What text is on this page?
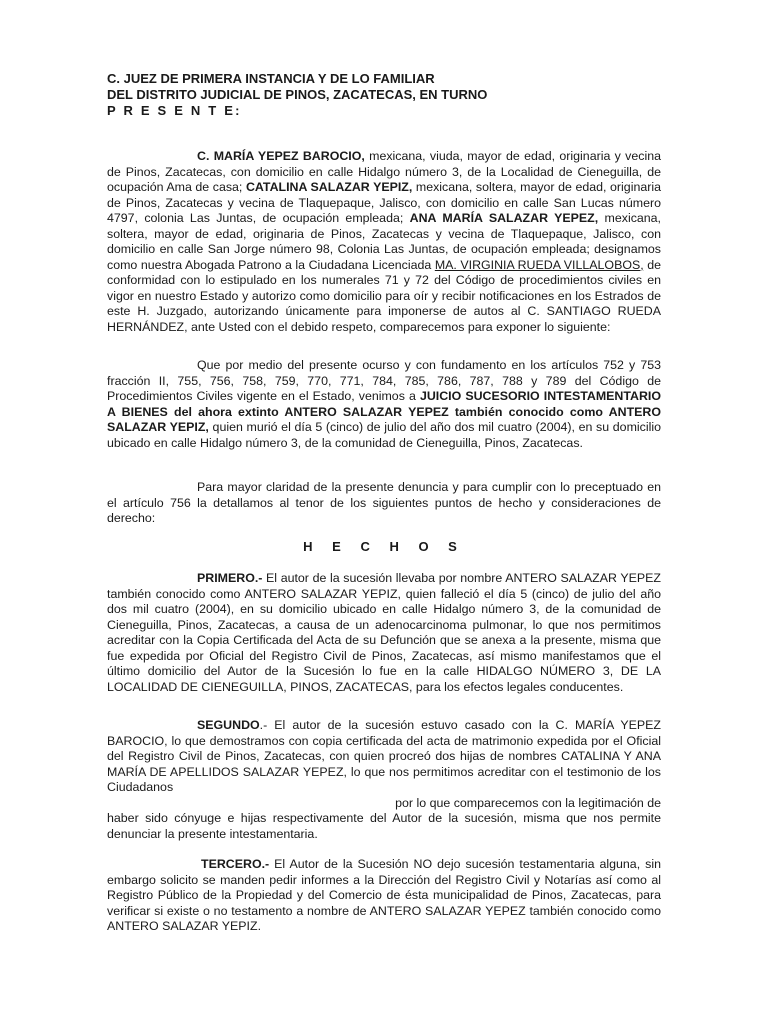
C. JUEZ DE PRIMERA INSTANCIA Y DE LO FAMILIAR
DEL DISTRITO JUDICIAL DE PINOS, ZACATECAS, EN TURNO
P R E S E N T E:
C. MARÍA YEPEZ BAROCIO, mexicana, viuda, mayor de edad, originaria y vecina de Pinos, Zacatecas, con domicilio en calle Hidalgo número 3, de la Localidad de Cieneguilla, de ocupación Ama de casa; CATALINA SALAZAR YEPIZ, mexicana, soltera, mayor de edad, originaria de Pinos, Zacatecas y vecina de Tlaquepaque, Jalisco, con domicilio en calle San Lucas número 4797, colonia Las Juntas, de ocupación empleada; ANA MARÍA SALAZAR YEPEZ, mexicana, soltera, mayor de edad, originaria de Pinos, Zacatecas y vecina de Tlaquepaque, Jalisco, con domicilio en calle San Jorge número 98, Colonia Las Juntas, de ocupación empleada; designamos como nuestra Abogada Patrono a la Ciudadana Licenciada MA. VIRGINIA RUEDA VILLALOBOS, de conformidad con lo estipulado en los numerales 71 y 72 del Código de procedimientos civiles en vigor en nuestro Estado y autorizo como domicilio para oír y recibir notificaciones en los Estrados de este H. Juzgado, autorizando únicamente para imponerse de autos al C. SANTIAGO RUEDA HERNÁNDEZ, ante Usted con el debido respeto, comparecemos para exponer lo siguiente:
Que por medio del presente ocurso y con fundamento en los artículos 752 y 753 fracción II, 755, 756, 758, 759, 770, 771, 784, 785, 786, 787, 788 y 789 del Código de Procedimientos Civiles vigente en el Estado, venimos a JUICIO SUCESORIO INTESTAMENTARIO A BIENES del ahora extinto ANTERO SALAZAR YEPEZ también conocido como ANTERO SALAZAR YEPIZ, quien murió el día 5 (cinco) de julio del año dos mil cuatro (2004), en su domicilio ubicado en calle Hidalgo número 3, de la comunidad de Cieneguilla, Pinos, Zacatecas.
Para mayor claridad de la presente denuncia y para cumplir con lo preceptuado en el artículo 756 la detallamos al tenor de los siguientes puntos de hecho y consideraciones de derecho:
H E C H O S
PRIMERO.- El autor de la sucesión llevaba por nombre ANTERO SALAZAR YEPEZ también conocido como ANTERO SALAZAR YEPIZ, quien falleció el día 5 (cinco) de julio del año dos mil cuatro (2004), en su domicilio ubicado en calle Hidalgo número 3, de la comunidad de Cieneguilla, Pinos, Zacatecas, a causa de un adenocarcinoma pulmonar, lo que nos permitimos acreditar con la Copia Certificada del Acta de su Defunción que se anexa a la presente, misma que fue expedida por Oficial del Registro Civil de Pinos, Zacatecas, así mismo manifestamos que el último domicilio del Autor de la Sucesión lo fue en la calle HIDALGO NÚMERO 3, DE LA LOCALIDAD DE CIENEGUILLA, PINOS, ZACATECAS, para los efectos legales conducentes.
SEGUNDO.- El autor de la sucesión estuvo casado con la C. MARÍA YEPEZ BAROCIO, lo que demostramos con copia certificada del acta de matrimonio expedida por el Oficial del Registro Civil de Pinos, Zacatecas, con quien procreó dos hijas de nombres CATALINA Y ANA MARÍA DE APELLIDOS SALAZAR YEPEZ, lo que nos permitimos acreditar con el testimonio de los Ciudadanos
por lo que comparecemos con la legitimación de
haber sido cónyuge e hijas respectivamente del Autor de la sucesión, misma que nos permite denunciar la presente intestamentaria.
TERCERO.- El Autor de la Sucesión NO dejo sucesión testamentaria alguna, sin embargo solicito se manden pedir informes a la Dirección del Registro Civil y Notarías así como al Registro Público de la Propiedad y del Comercio de ésta municipalidad de Pinos, Zacatecas, para verificar si existe o no testamento a nombre de ANTERO SALAZAR YEPEZ también conocido como ANTERO SALAZAR YEPIZ.
